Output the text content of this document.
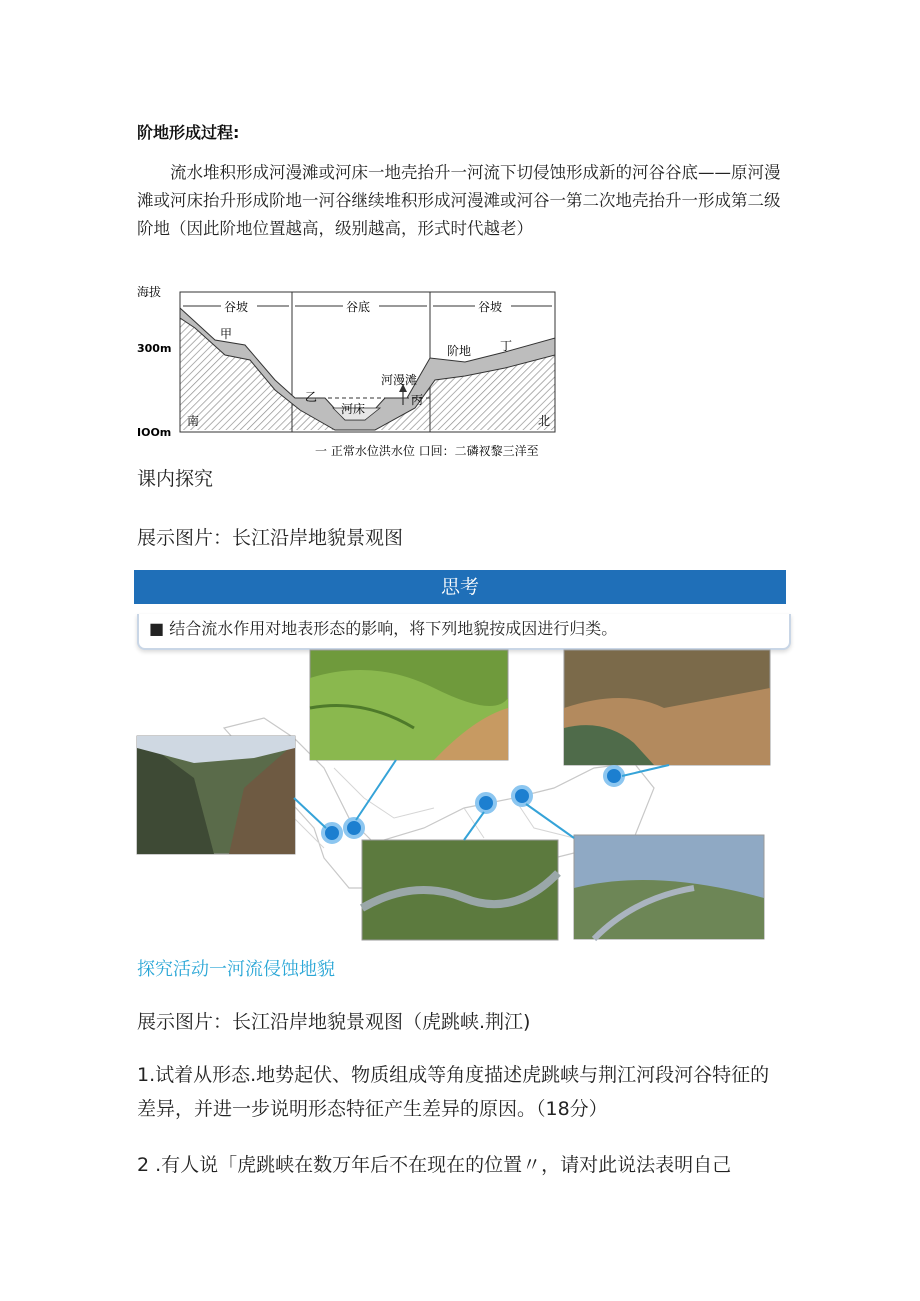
阶地形成过程:
流水堆积形成河漫滩或河床一地壳抬升一河流下切侵蚀形成新的河谷谷底——原河漫滩或河床抬升形成阶地一河谷继续堆积形成河漫滩或河谷一第二次地壳抬升一形成第二级阶地（因此阶地位置越高，级别越高，形式时代越老）
海拔
300m
IOOm
谷坡	谷底	谷坡
甲
乙	丙
丁
河床
河漫滩
阶地
南	北
一 正常水位洪水位 口回：二磷衩黎三洋至
课内探究
展示图片：长江沿岸地貌景观图
思考
■ 结合流水作用对地表形态的影响，将下列地貌按成因进行归类。
探究活动一河流侵蚀地貌
展示图片：长江沿岸地貌景观图（虎跳峡.荆江)
1.试着从形态.地势起伏、物质组成等角度描述虎跳峡与荆江河段河谷特征的差异，并进一步说明形态特征产生差异的原因。（18分）
2 .有人说「虎跳峡在数万年后不在现在的位置〃，请对此说法表明自己
